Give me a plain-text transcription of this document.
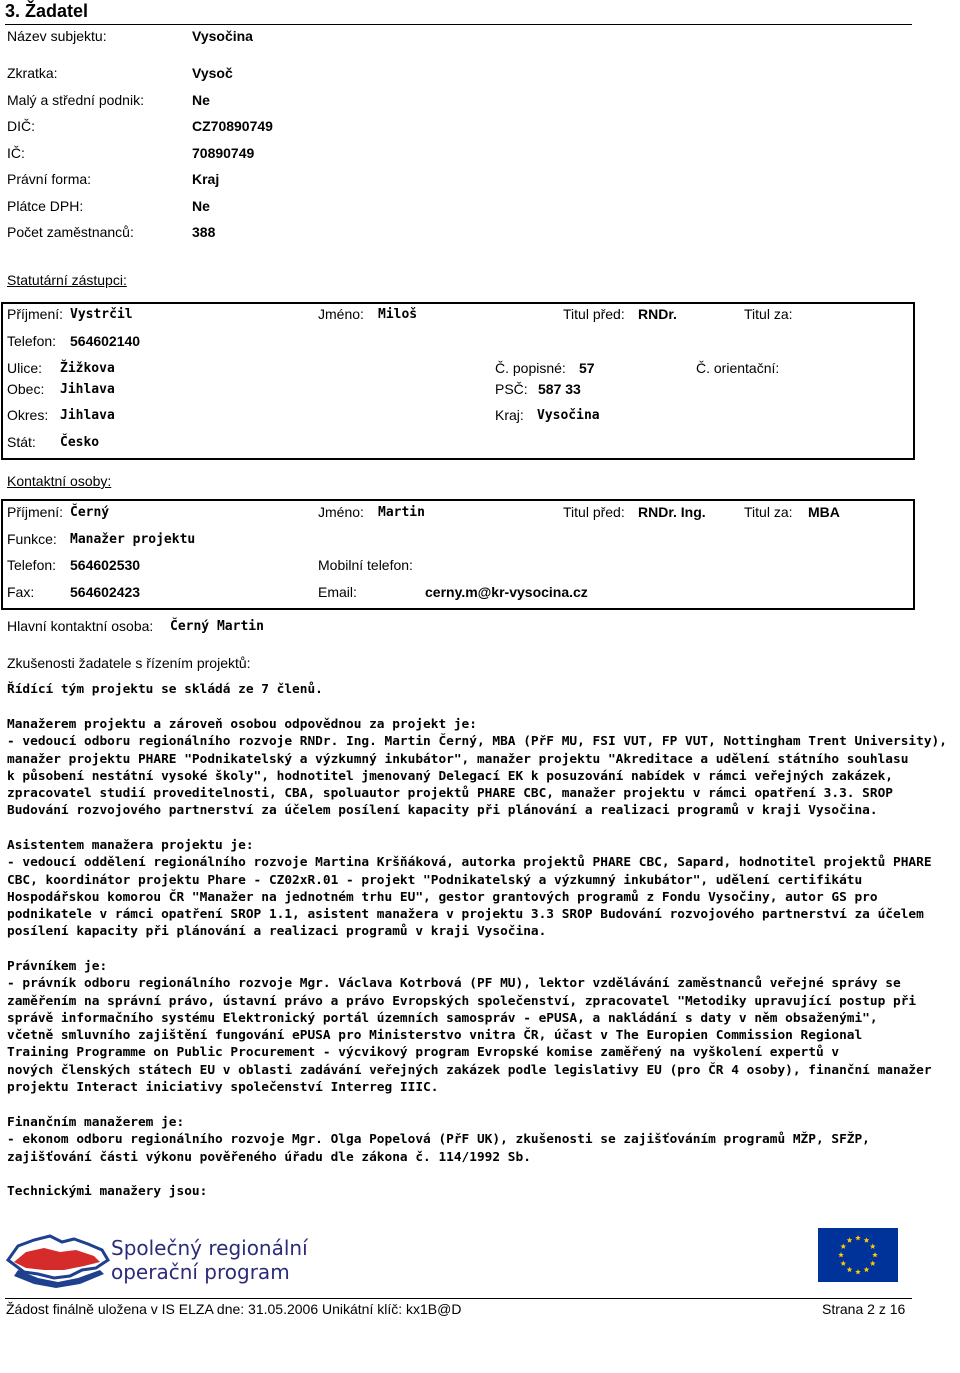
3. Žadatel
Název subjektu:	Vysočina
Zkratka:	Vysoč
Malý a střední podnik:	Ne
DIČ:	CZ70890749
IČ:	70890749
Právní forma:	Kraj
Plátce DPH:	Ne
Počet zaměstnanců:	388
Statutární zástupci:
Příjmení: Vystrčil	Jméno: Miloš	Titul před: RNDr.	Titul za:
Telefon: 564602140
Ulice: Žižkova	Č. popisné: 57	Č. orientační:
Obec: Jihlava	PSČ: 587 33
Okres: Jihlava	Kraj: Vysočina
Stát: Česko
Kontaktní osoby:
Příjmení: Černý	Jméno: Martin	Titul před: RNDr. Ing.	Titul za: MBA
Funkce: Manažer projektu
Telefon: 564602530	Mobilní telefon:
Fax:	564602423	Email:	cerny.m@kr-vysocina.cz
Hlavní kontaktní osoba: Černý Martin
Zkušenosti žadatele s řízením projektů:
Řídící tým projektu se skládá ze 7 členů.
Manažerem projektu a zároveň osobou odpovědnou za projekt je:
- vedoucí odboru regionálního rozvoje RNDr. Ing. Martin Černý, MBA (PřF MU, FSI VUT, FP VUT, Nottingham Trent University),
manažer projektu PHARE "Podnikatelský a výzkumný inkubátor", manažer projektu "Akreditace a udělení státního souhlasu
k působení nestátní vysoké školy", hodnotitel jmenovaný Delegací EK k posuzování nabídek v rámci veřejných zakázek,
zpracovatel studií proveditelnosti, CBA, spoluautor projektů PHARE CBC, manažer projektu v rámci opatření 3.3. SROP
Budování rozvojového partnerství za účelem posílení kapacity při plánování a realizaci programů v kraji Vysočina.
Asistentem manažera projektu je:
- vedoucí oddělení regionálního rozvoje Martina Kršňáková, autorka projektů PHARE CBC, Sapard, hodnotitel projektů PHARE
CBC, koordinátor projektu Phare - CZ02xR.01 - projekt "Podnikatelský a výzkumný inkubátor", udělení certifikátu
Hospodářskou komorou ČR "Manažer na jednotném trhu EU", gestor grantových programů z Fondu Vysočiny, autor GS pro
podnikatele v rámci opatření SROP 1.1, asistent manažera v projektu 3.3 SROP Budování rozvojového partnerství za účelem
posílení kapacity při plánování a realizaci programů v kraji Vysočina.
Právníkem je:
- právník odboru regionálního rozvoje Mgr. Václava Kotrbová (PF MU), lektor vzdělávání zaměstnanců veřejné správy se
zaměřením na správní právo, ústavní právo a právo Evropských společenství, zpracovatel "Metodiky upravující postup při
správě informačního systému Elektronický portál územních samospráv - ePUSA, a nakládání s daty v něm obsaženými",
včetně smluvního zajištění fungování ePUSA pro Ministerstvo vnitra ČR, účast v The Europien Commission Regional
Training Programme on Public Procurement - výcvikový program Evropské komise zaměřený na vyškolení expertů v
nových členských státech EU v oblasti zadávání veřejných zakázek podle legislativy EU (pro ČR 4 osoby), finanční manažer
projektu Interact iniciativy společenství Interreg IIIC.
Finančním manažerem je:
- ekonom odboru regionálního rozvoje Mgr. Olga Popelová (PřF UK), zkušenosti se zajišťováním programů MŽP, SFŽP,
zajišťování části výkonu pověřeného úřadu dle zákona č. 114/1992 Sb.
Technickými manažery jsou:
Společný regionální
operační program
Žádost finálně uložena v IS ELZA dne: 31.05.2006 Unikátní klíč: kx1B@D	Strana 2 z 16
